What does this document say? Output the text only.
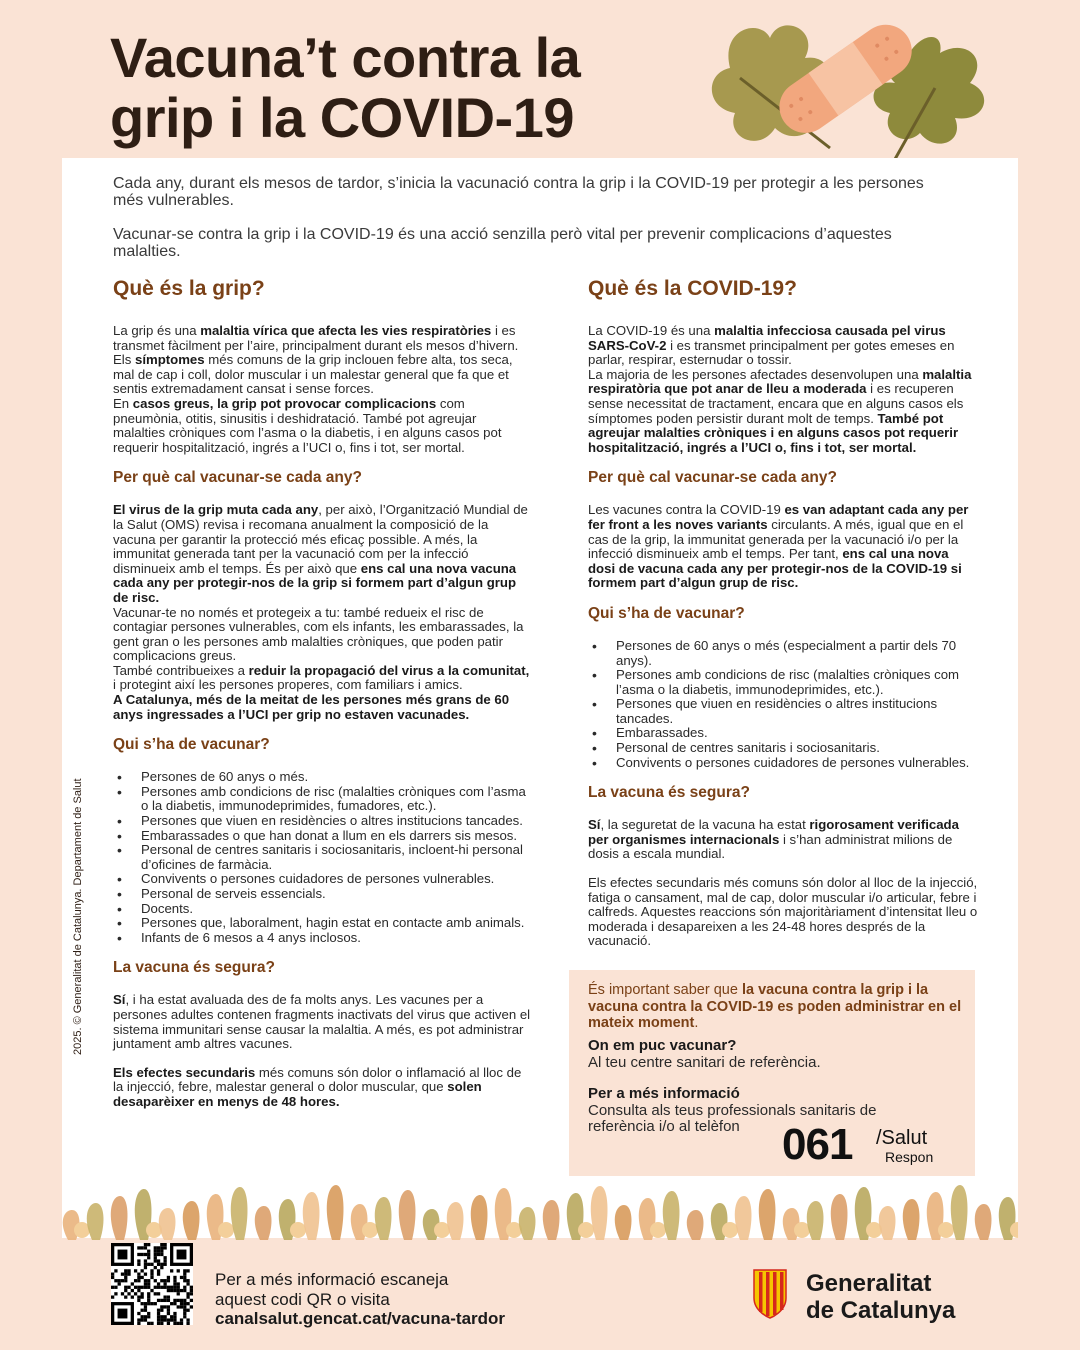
Vacuna’t contra la
grip i la COVID-19
2025. © Generalitat de Catalunya. Departament de Salut

Cada any, durant els mesos de tardor, s’inicia la vacunació contra la grip i la COVID-19 per protegir a les persones més vulnerables.

Vacunar-se contra la grip i la COVID-19 és una acció senzilla però vital per prevenir complicacions d’aquestes malalties.

Què és la grip?

La grip és una malaltia vírica que afecta les vies respiratòries i es transmet fàcilment per l’aire, principalment durant els mesos d’hivern.

Els símptomes més comuns de la grip inclouen febre alta, tos seca, mal de cap i coll, dolor muscular i un malestar general que fa que et sentis extremadament cansat i sense forces.

En casos greus, la grip pot provocar complicacions com pneumònia, otitis, sinusitis i deshidratació. També pot agreujar malalties cròniques com l’asma o la diabetis, i en alguns casos pot requerir hospitalització, ingrés a l’UCI o, fins i tot, ser mortal.

Per què cal vacunar-se cada any?

El virus de la grip muta cada any, per això, l’Organització Mundial de la Salut (OMS) revisa i recomana anualment la composició de la vacuna per garantir la protecció més eficaç possible. A més, la immunitat generada tant per la vacunació com per la infecció disminueix amb el temps. És per això que ens cal una nova vacuna cada any per protegir-nos de la grip si formem part d’algun grup de risc.

Vacunar-te no només et protegeix a tu: també redueix el risc de contagiar persones vulnerables, com els infants, les embarassades, la gent gran o les persones amb malalties cròniques, que poden patir complicacions greus.

També contribueixes a reduir la propagació del virus a la comunitat, i protegint així les persones properes, com familiars i amics.

A Catalunya, més de la meitat de les persones més grans de 60 anys ingressades a l’UCI per grip no estaven vacunades.

Qui s’ha de vacunar?
• Persones de 60 anys o més.
• Persones amb condicions de risc (malalties cròniques com l’asma o la diabetis, immunodeprimides, fumadores, etc.).
• Persones que viuen en residències o altres institucions tancades.
• Embarassades o que han donat a llum en els darrers sis mesos.
• Personal de centres sanitaris i sociosanitaris, incloent-hi personal d’oficines de farmàcia.
• Convivents o persones cuidadores de persones vulnerables.
• Personal de serveis essencials.
• Docents.
• Persones que, laboralment, hagin estat en contacte amb animals.
• Infants de 6 mesos a 4 anys inclosos.
La vacuna és segura?

Sí, i ha estat avaluada des de fa molts anys. Les vacunes per a persones adultes contenen fragments inactivats del virus que activen el sistema immunitari sense causar la malaltia. A més, es pot administrar juntament amb altres vacunes.

Els efectes secundaris més comuns són dolor o inflamació al lloc de la injecció, febre, malestar general o dolor muscular, que solen desaparèixer en menys de 48 hores.

Què és la COVID-19?

La COVID-19 és una malaltia infecciosa causada pel virus SARS-CoV-2 i es transmet principalment per gotes emeses en parlar, respirar, esternudar o tossir.

La majoria de les persones afectades desenvolupen una malaltia respiratòria que pot anar de lleu a moderada i es recuperen sense necessitat de tractament, encara que en alguns casos els símptomes poden persistir durant molt de temps. També pot agreujar malalties cròniques i en alguns casos pot requerir hospitalització, ingrés a l’UCI o, fins i tot, ser mortal.

Per què cal vacunar-se cada any?

Les vacunes contra la COVID-19 es van adaptant cada any per fer front a les noves variants circulants. A més, igual que en el cas de la grip, la immunitat generada per la vacunació i/o per la infecció disminueix amb el temps. Per tant, ens cal una nova dosi de vacuna cada any per protegir-nos de la COVID-19 si formem part d’algun grup de risc.

Qui s’ha de vacunar?
• Persones de 60 anys o més (especialment a partir dels 70 anys).
• Persones amb condicions de risc (malalties cròniques com l’asma o la diabetis, immunodeprimides, etc.).
• Persones que viuen en residències o altres institucions tancades.
• Embarassades.
• Personal de centres sanitaris i sociosanitaris.
• Convivents o persones cuidadores de persones vulnerables.
La vacuna és segura?

Sí, la seguretat de la vacuna ha estat rigorosament verificada per organismes internacionals i s’han administrat milions de dosis a escala mundial.

Els efectes secundaris més comuns són dolor al lloc de la injecció, fatiga o cansament, mal de cap, dolor muscular i/o articular, febre i calfreds. Aquestes reaccions són majoritàriament d’intensitat lleu o moderada i desapareixen a les 24-48 hores després de la vacunació.

És important saber que la vacuna contra la grip i la vacuna contra la COVID-19 es poden administrar en el mateix moment.
On em puc vacunar?
Al teu centre sanitari de referència.
Per a més informació
Consulta als teus professionals sanitaris de referència i/o al telèfon 061 /Salut
Respon
Per a més informació escaneja
aquest codi QR o visita
canalsalut.gencat.cat/vacuna-tardor
Generalitat
de Catalunya
